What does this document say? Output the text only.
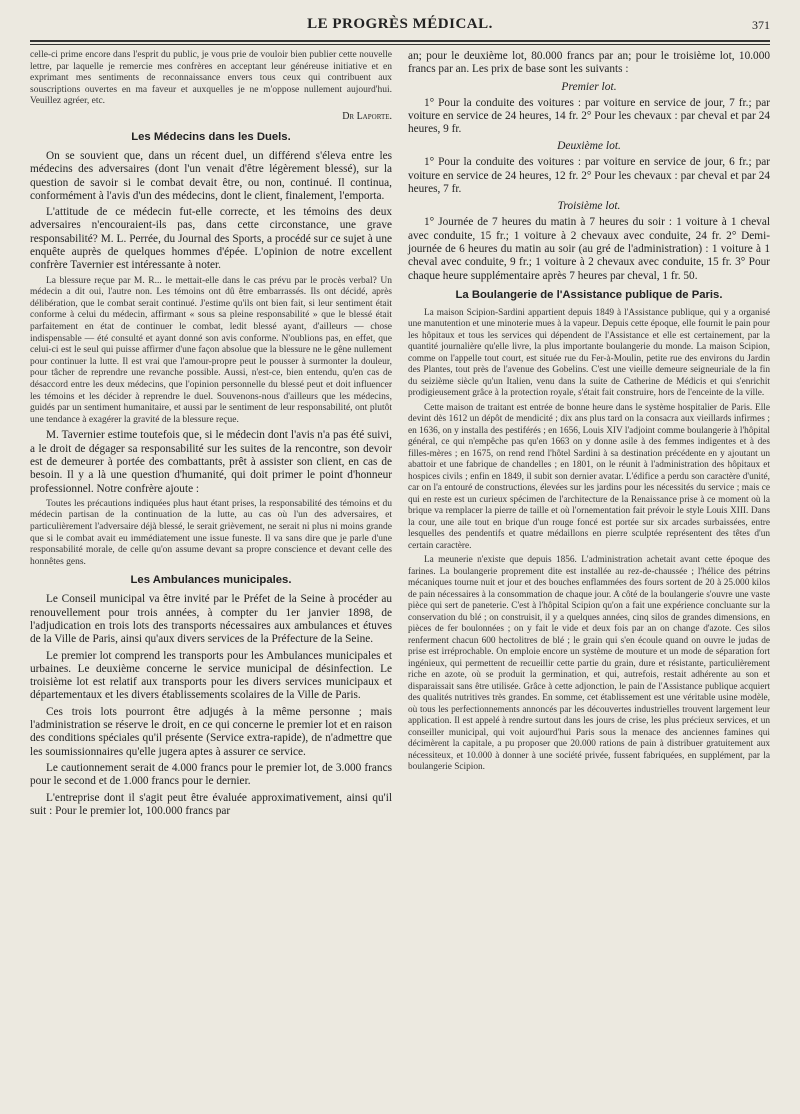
LE PROGRÈS MÉDICAL.	371

celle-ci prime encore dans l'esprit du public, je vous prie de vouloir bien publier cette nouvelle lettre, par laquelle je remercie mes confrères en acceptant leur généreuse initiative et en exprimant mes sentiments de reconnaissance envers tous ceux qui contribuent aux souscriptions ouvertes en ma faveur et auxquelles je ne m'oppose nullement aujourd'hui. Veuillez agréer, etc.

Dr Laporte.
Les Médecins dans les Duels.

On se souvient que, dans un récent duel, un différend s'éleva entre les médecins des adversaires (dont l'un venait d'être légèrement blessé), sur la question de savoir si le combat devait être, ou non, continué. Il continua, conformément à l'avis d'un des médecins, dont le client, finalement, l'emporta.

L'attitude de ce médecin fut-elle correcte, et les témoins des deux adversaires n'encouraient-ils pas, dans cette circonstance, une grave responsabilité? M. L. Perrée, du Journal des Sports, a procédé sur ce sujet à une enquête auprès de quelques hommes d'épée. L'opinion de notre excellent confrère Tavernier est intéressante à noter.

La blessure reçue par M. R... le mettait-elle dans le cas prévu par le procès verbal? Un médecin a dit oui, l'autre non. Les témoins ont dû être embarrassés. Ils ont décidé, après délibération, que le combat serait continué. J'estime qu'ils ont bien fait, si leur sentiment était conforme à celui du médecin, affirmant « sous sa pleine responsabilité » que le blessé était parfaitement en état de continuer le combat, ledit blessé ayant, d'ailleurs — chose indispensable — été consulté et ayant donné son avis conforme. N'oublions pas, en effet, que celui-ci est le seul qui puisse affirmer d'une façon absolue que la blessure ne le gêne nullement pour continuer la lutte. Il est vrai que l'amour-propre peut le pousser à surmonter la douleur, pour tâcher de reprendre une revanche possible. Aussi, n'est-ce, bien entendu, qu'en cas de désaccord entre les deux médecins, que l'opinion personnelle du blessé peut et doit influencer les témoins et les décider à reprendre le duel. Souvenons-nous d'ailleurs que les médecins, guidés par un sentiment humanitaire, et aussi par le sentiment de leur responsabilité, ont plutôt une tendance à exagérer la gravité de la blessure reçue.

M. Tavernier estime toutefois que, si le médecin dont l'avis n'a pas été suivi, a le droit de dégager sa responsabilité sur les suites de la rencontre, son devoir est de demeurer à portée des combattants, prêt à assister son client, en cas de besoin. Il y a là une question d'humanité, qui doit primer le point d'honneur professionnel. Notre confrère ajoute :

Toutes les précautions indiquées plus haut étant prises, la responsabilité des témoins et du médecin partisan de la continuation de la lutte, au cas où l'un des adversaires, et particulièrement l'adversaire déjà blessé, le serait grièvement, ne serait ni plus ni moins grande que si le combat avait eu immédiatement une issue funeste. Il va sans dire que je parle d'une responsabilité morale, de celle qu'on assume devant sa propre conscience et devant celle des honnêtes gens.

Les Ambulances municipales.

Le Conseil municipal va être invité par le Préfet de la Seine à procéder au renouvellement pour trois années, à compter du 1er janvier 1898, de l'adjudication en trois lots des transports nécessaires aux ambulances et étuves de la Ville de Paris, ainsi qu'aux divers services de la Préfecture de la Seine.

Le premier lot comprend les transports pour les Ambulances municipales et urbaines. Le deuxième concerne le service municipal de désinfection. Le troisième lot est relatif aux transports pour les divers services municipaux et départementaux et les divers établissements scolaires de la Ville de Paris.

Ces trois lots pourront être adjugés à la même personne ; mais l'administration se réserve le droit, en ce qui concerne le premier lot et en raison des conditions spéciales qu'il présente (Service extra-rapide), de n'admettre que les soumissionnaires qu'elle jugera aptes à assurer ce service.

Le cautionnement serait de 4.000 francs pour le premier lot, de 3.000 francs pour le second et de 1.000 francs pour le dernier.

L'entreprise dont il s'agit peut être évaluée approximativement, ainsi qu'il suit : Pour le premier lot, 100.000 francs par

an; pour le deuxième lot, 80.000 francs par an; pour le troisième lot, 10.000 francs par an. Les prix de base sont les suivants :

Premier lot.

1° Pour la conduite des voitures : par voiture en service de jour, 7 fr.; par voiture en service de 24 heures, 14 fr. 2° Pour les chevaux : par cheval et par 24 heures, 9 fr.

Deuxième lot.

1° Pour la conduite des voitures : par voiture en service de jour, 6 fr.; par voiture en service de 24 heures, 12 fr. 2° Pour les chevaux : par cheval et par 24 heures, 7 fr.

Troisième lot.

1° Journée de 7 heures du matin à 7 heures du soir : 1 voiture à 1 cheval avec conduite, 15 fr.; 1 voiture à 2 chevaux avec conduite, 24 fr. 2° Demi-journée de 6 heures du matin au soir (au gré de l'administration) : 1 voiture à 1 cheval avec conduite, 9 fr.; 1 voiture à 2 chevaux avec conduite, 15 fr. 3° Pour chaque heure supplémentaire après 7 heures par cheval, 1 fr. 50.

La Boulangerie de l'Assistance publique de Paris.

La maison Scipion-Sardini appartient depuis 1849 à l'Assistance publique, qui y a organisé une manutention et une minoterie mues à la vapeur. Depuis cette époque, elle fournit le pain pour les hôpitaux et tous les services qui dépendent de l'Assistance et elle est certainement, par la quantité journalière qu'elle livre, la plus importante boulangerie du monde. La maison Scipion, comme on l'appelle tout court, est située rue du Fer-à-Moulin, petite rue des environs du Jardin des Plantes, tout près de l'avenue des Gobelins. C'est une vieille demeure seigneuriale de la fin du seizième siècle qu'un Italien, venu dans la suite de Catherine de Médicis et qui s'enrichit prodigieusement grâce à la protection royale, s'était fait construire, hors de l'enceinte de la ville.

Cette maison de traitant est entrée de bonne heure dans le système hospitalier de Paris. Elle devint dès 1612 un dépôt de mendicité ; dix ans plus tard on la consacra aux vieillards infirmes ; en 1636, on y installa des pestiférés ; en 1656, Louis XIV l'adjoint comme boulangerie à l'hôpital général, ce qui n'empêche pas qu'en 1663 on y donne asile à des femmes indigentes et à des filles-mères ; en 1675, on rend rend l'hôtel Sardini à sa destination précédente en y ajoutant un abattoir et une fabrique de chandelles ; en 1801, on le réunit à l'administration des hôpitaux et hospices civils ; enfin en 1849, il subit son dernier avatar. L'édifice a perdu son caractère d'unité, car on l'a entouré de constructions, élevées sur les jardins pour les nécessités du service ; mais ce qui en reste est un curieux spécimen de l'architecture de la Renaissance prise à ce moment où la brique va remplacer la pierre de taille et où l'ornementation fait prévoir le style Louis XIII. Dans la cour, une aile tout en brique d'un rouge foncé est portée sur six arcades surbaissées, entre lesquelles des pendentifs et quatre médaillons en pierre sculptée représentent des têtes d'un certain caractère.

La meunerie n'existe que depuis 1856. L'administration achetait avant cette époque des farines. La boulangerie proprement dite est installée au rez-de-chaussée ; l'hélice des pétrins mécaniques tourne nuit et jour et des bouches enflammées des fours sortent de 20 à 25.000 kilos de pain nécessaires à la consommation de chaque jour. A côté de la boulangerie s'ouvre une vaste pièce qui sert de paneterie. C'est à l'hôpital Scipion qu'on a fait une expérience concluante sur la conservation du blé ; on construisit, il y a quelques années, cinq silos de grandes dimensions, en pièces de fer boulonnées ; on y fait le vide et deux fois par an on change d'azote. Ces silos renferment chacun 600 hectolitres de blé ; le grain qui s'en écoule quand on ouvre le judas de prise est irréprochable. On emploie encore un système de mouture et un mode de séparation fort ingénieux, qui permettent de recueillir cette partie du grain, dure et résistante, particulièrement riche en azote, où se produit la germination, et qui, autrefois, restait adhérente au son et disparaissait sans être utilisée. Grâce à cette adjonction, le pain de l'Assistance publique acquiert des qualités nutritives très grandes. En somme, cet établissement est une véritable usine modèle, où tous les perfectionnements annoncés par les découvertes industrielles trouvent largement leur application. Il est appelé à rendre surtout dans les jours de crise, les plus précieux services, et un conseiller municipal, qui voit aujourd'hui Paris sous la menace des anciennes famines qui décimèrent la capitale, a pu proposer que 20.000 rations de pain à distribuer gratuitement aux nécessiteux, et 10.000 à donner à une société privée, fussent fabriquées, en supplément, par la boulangerie Scipion.
